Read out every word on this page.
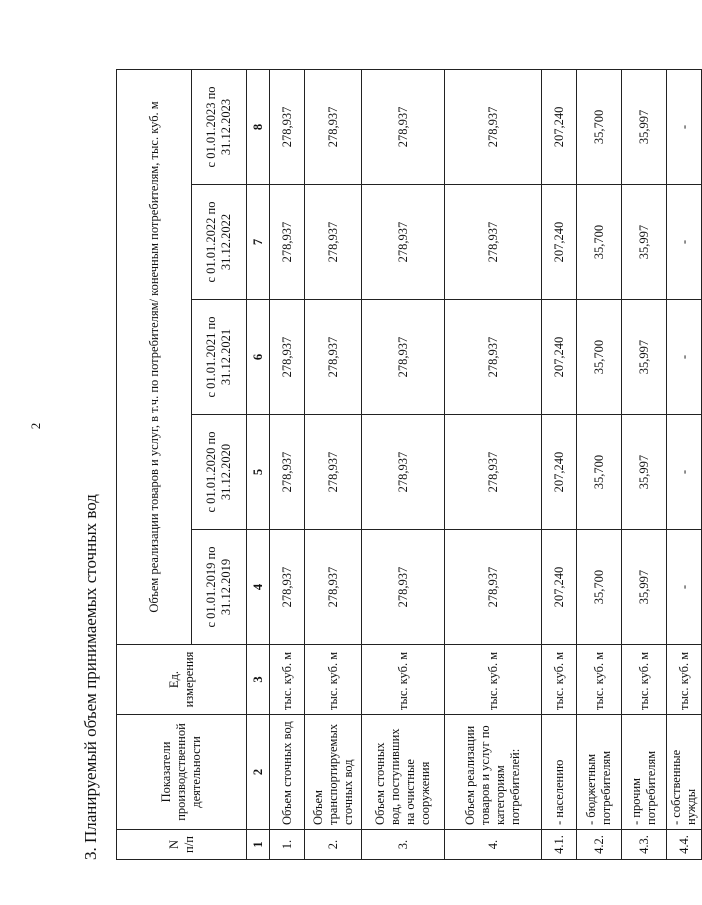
2
3. Планируемый объем принимаемых сточных вод	N п/п	Показатели производственной деятельности	Ед. измерения	Объем реализации товаров и услуг, в т.ч. по потребителям/ конечным потребителям, тыс. куб. м				
			с 01.01.2019 по 31.12.2019	с 01.01.2020 по 31.12.2020	с 01.01.2021 по 31.12.2021	с 01.01.2022 по 31.12.2022	с 01.01.2023 по 31.12.2023
1	2	3	4	5	6	7	8
1.	Объем сточных вод	тыс. куб. м	278,937	278,937	278,937	278,937	278,937
2.	Объем транспортируемых сточных вод	тыс. куб. м	278,937	278,937	278,937	278,937	278,937
3.	Объем сточных вод, поступивших на очистные сооружения	тыс. куб. м	278,937	278,937	278,937	278,937	278,937
4.	Объем реализации товаров и услуг по категориям потребителей:	тыс. куб. м	278,937	278,937	278,937	278,937	278,937
4.1.	- населению	тыс. куб. м	207,240	207,240	207,240	207,240	207,240
4.2.	- бюджетным потребителям	тыс. куб. м	35,700	35,700	35,700	35,700	35,700
4.3.	- прочим потребителям	тыс. куб. м	35,997	35,997	35,997	35,997	35,997
4.4.	- собственные нужды	тыс. куб. м	-	-	-	-	-
